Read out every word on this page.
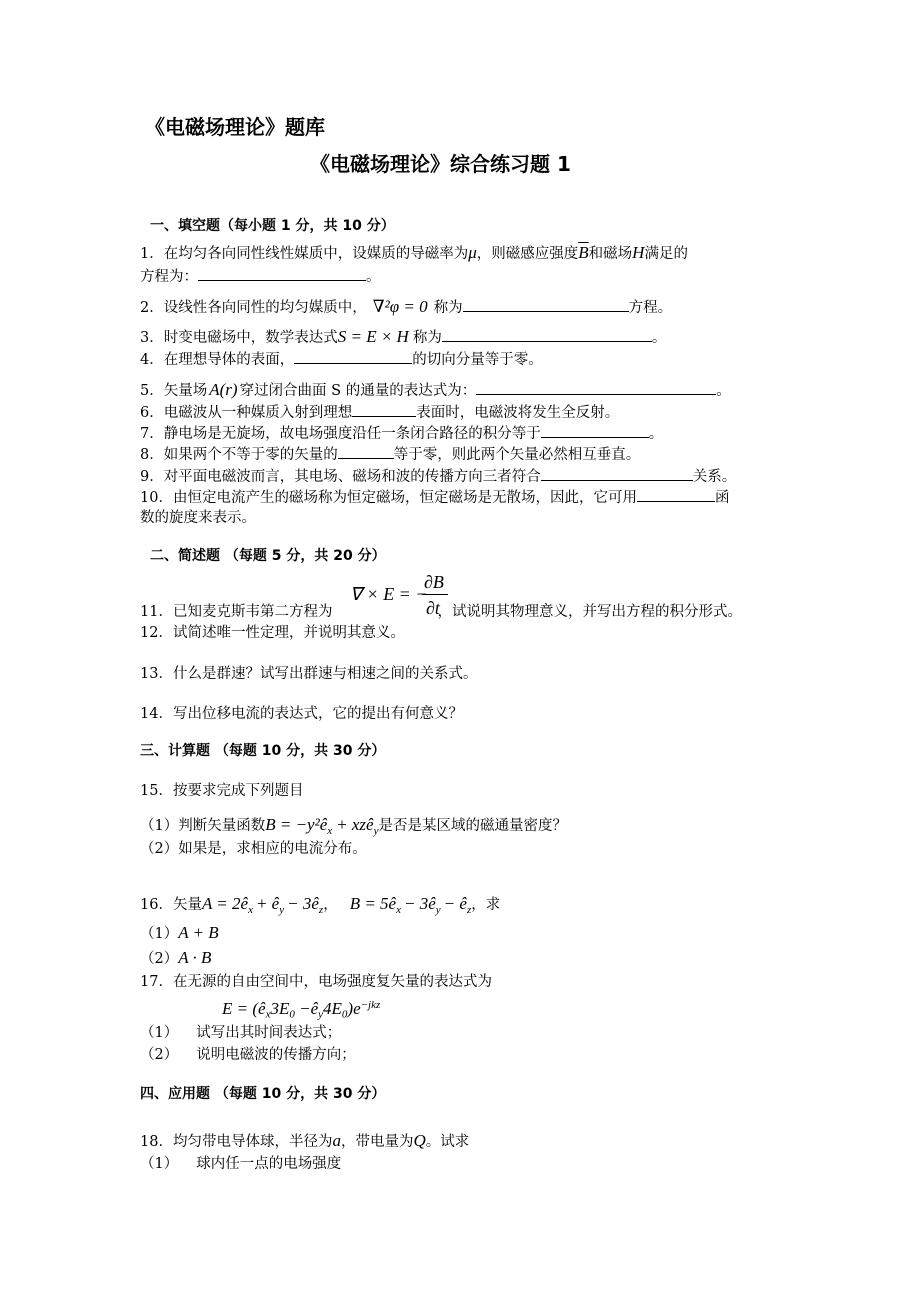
《电磁场理论》题库
《电磁场理论》综合练习题 1
一、填空题（每小题 1 分，共 10 分）
1．在均匀各向同性线性媒质中，设媒质的导磁率为μ，则磁感应强度$\overline{B}$和磁场H满足的
方程为：	。
2．设线性各向同性的均匀媒质中， ∇²φ = 0 称为	方程。
3．时变电磁场中，数学表达式S = E × H 称为	。
4．在理想导体的表面，	的切向分量等于零。
5．矢量场 A(r) 穿过闭合曲面 S 的通量的表达式为：	。
6．电磁波从一种媒质入射到理想	表面时，电磁波将发生全反射。
7．静电场是无旋场，故电场强度沿任一条闭合路径的积分等于	。
8．如果两个不等于零的矢量的	等于零，则此两个矢量必然相互垂直。
9．对平面电磁波而言，其电场、磁场和波的传播方向三者符合	关系。
10．由恒定电流产生的磁场称为恒定磁场，恒定磁场是无散场，因此，它可用	函
数的旋度来表示。
二、简述题 （每题 5 分，共 20 分）
∇ × E = −
∂B
∂t
11．已知麦克斯韦第二方程为	，试说明其物理意义，并写出方程的积分形式。
12．试简述唯一性定理，并说明其意义。
13．什么是群速？试写出群速与相速之间的关系式。
14．写出位移电流的表达式，它的提出有何意义？
三、计算题 （每题 10 分，共 30 分）
15．按要求完成下列题目
（1）判断矢量函数$B = -y^2ê_x$ + xzê$_y$是否是某区域的磁通量密度？
（2）如果是，求相应的电流分布。
16．矢量$A = 2ê_x$ + $ê_y$ − $3ê_z$， $B = 5ê_x$ − $3ê_y$ − $ê_z$，求
（1）A + B
（2）A · B
17．在无源的自由空间中，电场强度复矢量的表达式为
$E = (ê_x3E_0$ $-ê_y4E_0)e^{-jkz}$
（1） 试写出其时间表达式；
（2） 说明电磁波的传播方向；
四、应用题 （每题 10 分，共 30 分）
18．均匀带电导体球，半径为a，带电量为Q。试求
（1） 球内任一点的电场强度
